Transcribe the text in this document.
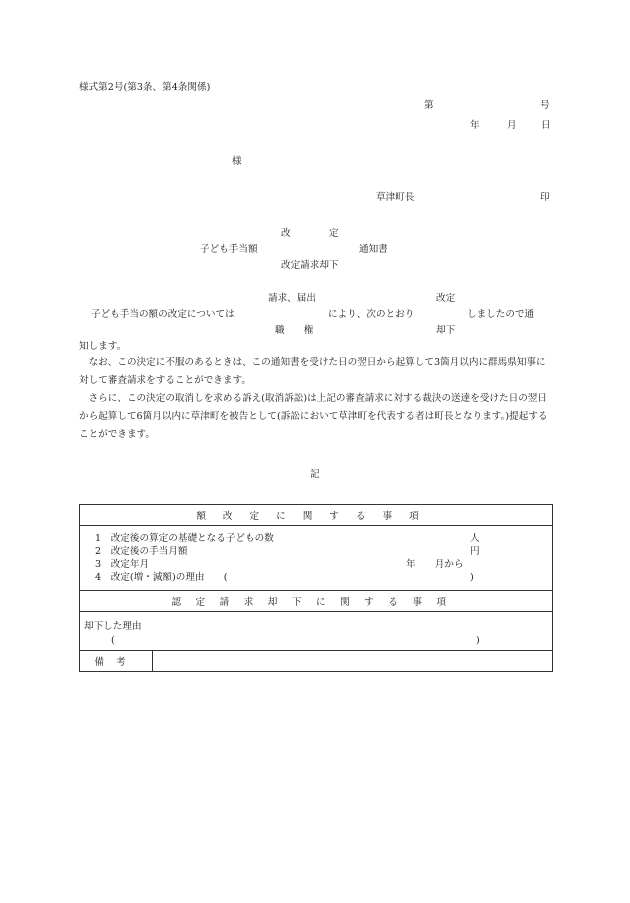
様式第2号(第3条、第4条関係)
第	号
年	月	日
様
草津町長	印
改　　　　定
子ども手当額	通知書
改定請求却下
請求、届出	改定
子ども手当の額の改定については	により、次のとおり	しましたので通
職　　権	却下
知します。

なお、この決定に不服のあるときは、この通知書を受けた日の翌日から起算して3箇月以内に群馬県知事に対して審査請求をすることができます。

さらに、この決定の取消しを求める訴え(取消訴訟)は上記の審査請求に対する裁決の送達を受けた日の翌日から起算して6箇月以内に草津町を被告として(訴訟において草津町を代表する者は町長となります。)提起することができます。

記
額改定に関する事項

1　改定後の算定の基礎となる子どもの数	人
2　改定後の手当月額	円
3　改定年月	年　　月から
4　改定(増・減額)の理由　　(	)

認定請求却下に関する事項

却下した理由
(	)

備考	
